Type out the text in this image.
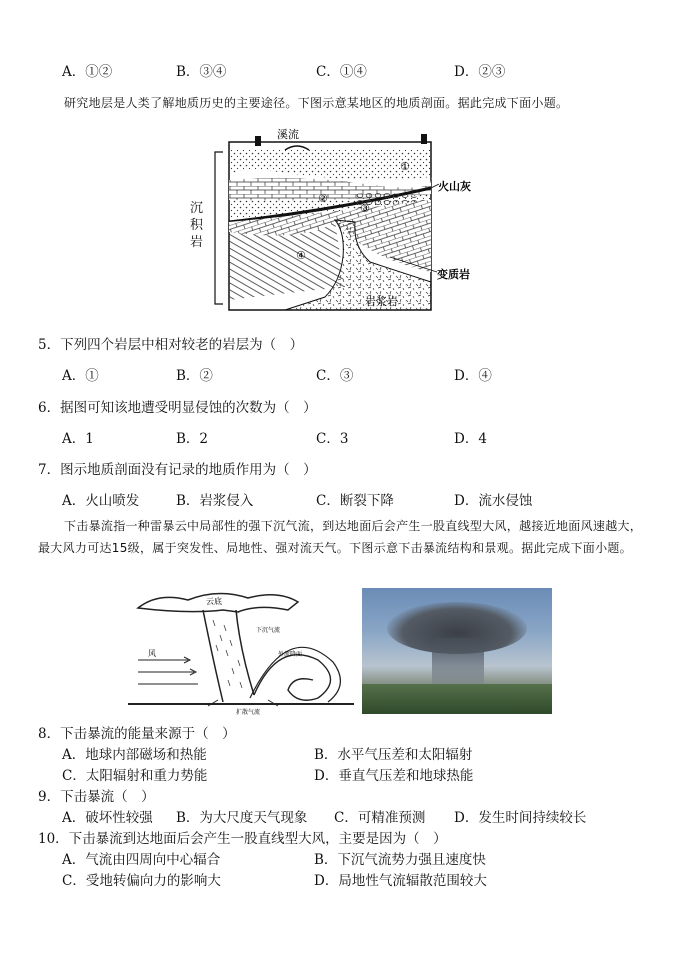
A．①②	B．③④	C．①④	D．②③
研究地层是人类了解地质历史的主要途径。下图示意某地区的地质剖面。据此完成下面小题。
溪流
①
②
③
④
岩浆岩
火山灰
变质岩
沉积岩
5．下列四个岩层中相对较老的岩层为（　）
A．①	B．②	C．③	D．④
6．据图可知该地遭受明显侵蚀的次数为（　）
A．1	B．2	C．3	D．4
7．图示地质剖面没有记录的地质作用为（　）
A．火山喷发	B．岩浆侵入	C．断裂下降	D．流水侵蚀
下击暴流指一种雷暴云中局部性的强下沉气流，到达地面后会产生一股直线型大风，越接近地面风速越大，最大风力可达15级，属于突发性、局地性、强对流天气。下图示意下击暴流结构和景观。据此完成下面小题。
云底
风
下沉气流
外流降面
扩散气流
8．下击暴流的能量来源于（　）
A．地球内部磁场和热能	B．水平气压差和太阳辐射
C．太阳辐射和重力势能	D．垂直气压差和地球热能
9．下击暴流（　）
A．破坏性较强 B．为大尺度天气现象 C．可精准预测 D．发生时间持续较长
10．下击暴流到达地面后会产生一股直线型大风，主要是因为（　）
A．气流由四周向中心辐合	B．下沉气流势力强且速度快
C．受地转偏向力的影响大	D．局地性气流辐散范围较大
